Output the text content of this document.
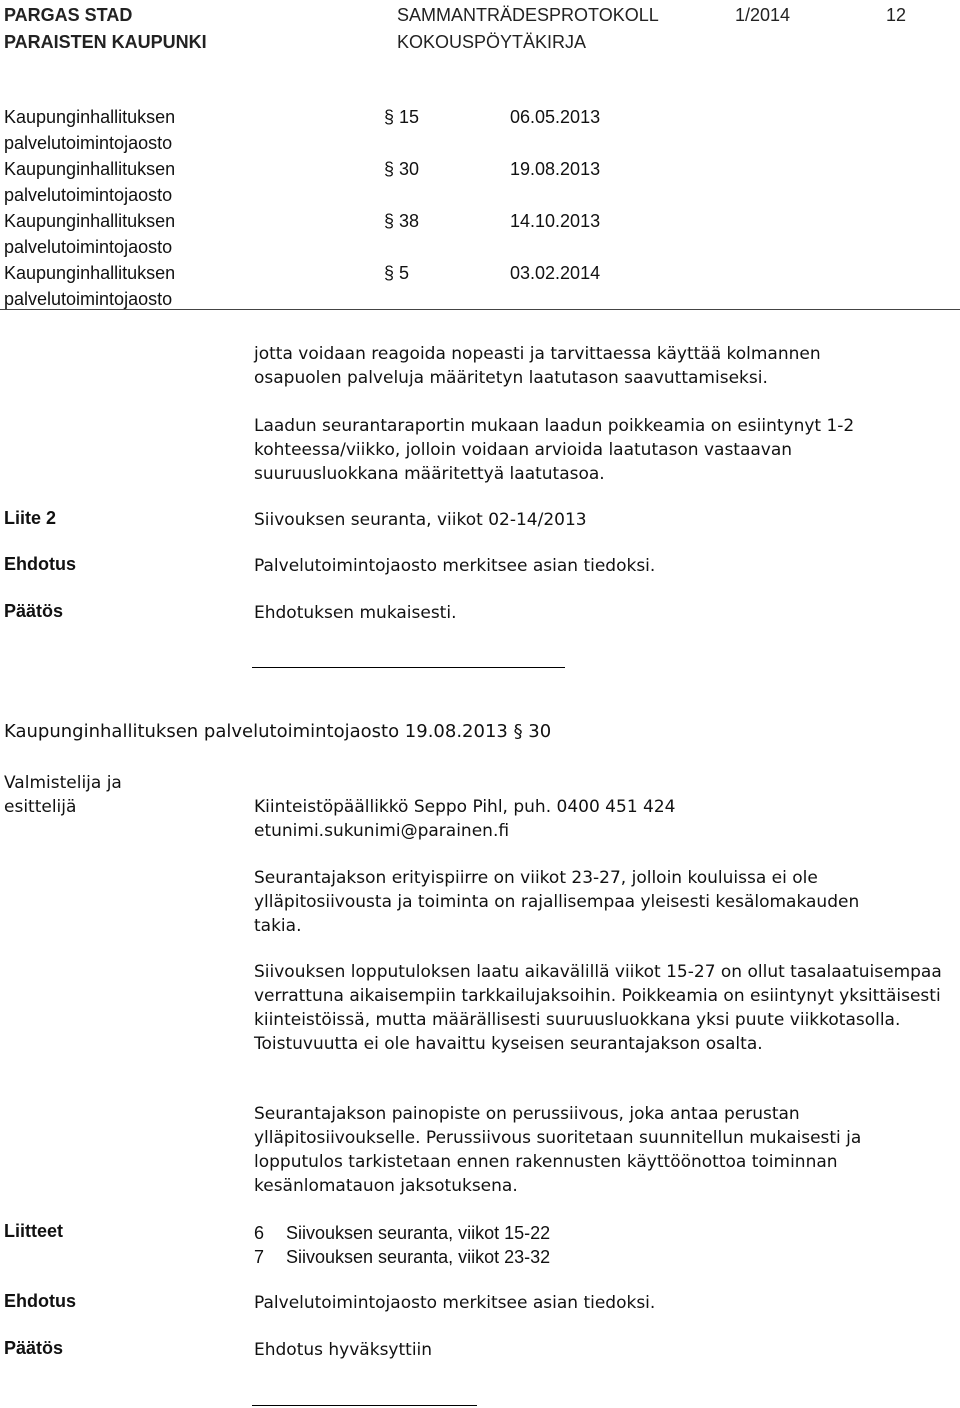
PARGAS STAD
PARAISTEN KAUPUNKI
SAMMANTRÄDESPROTOKOLL
KOKOUSPÖYTÄKIRJA
1/2014	12
Kaupunginhallituksen
palvelutoimintojaosto
§ 15	06.05.2013
Kaupunginhallituksen
palvelutoimintojaosto
§ 30	19.08.2013
Kaupunginhallituksen
palvelutoimintojaosto
§ 38	14.10.2013
Kaupunginhallituksen
palvelutoimintojaosto
§ 5	03.02.2014

jotta voidaan reagoida nopeasti ja tarvittaessa käyttää kolmannen osapuolen palveluja määritetyn laatutason saavuttamiseksi.

Laadun seurantaraportin mukaan laadun poikkeamia on esiintynyt 1-2 kohteessa/viikko, jolloin voidaan arvioida laatutason vastaavan suuruusluokkana määritettyä laatutasoa.

Liite 2	Siivouksen seuranta, viikot 02-14/2013
Ehdotus	Palvelutoimintojaosto merkitsee asian tiedoksi.
Päätös	Ehdotuksen mukaisesti.
Kaupunginhallituksen palvelutoimintojaosto 19.08.2013 § 30
Valmistelija ja
esittelijä	Kiinteistöpäällikkö Seppo Pihl, puh. 0400 451 424
etunimi.sukunimi@parainen.fi

Seurantajakson erityispiirre on viikot 23-27, jolloin kouluissa ei ole ylläpitosiivousta ja toiminta on rajallisempaa yleisesti kesälomakauden takia.

Siivouksen lopputuloksen laatu aikavälillä viikot 15-27 on ollut tasalaatuisempaa verrattuna aikaisempiin tarkkailujaksoihin. Poikkeamia on esiintynyt yksittäisesti kiinteistöissä, mutta määrällisesti suuruusluokkana yksi puute viikkotasolla. Toistuvuutta ei ole havaittu kyseisen seurantajakson osalta.

Seurantajakson painopiste on perussiivous, joka antaa perustan ylläpitosiivoukselle. Perussiivous suoritetaan suunnitellun mukaisesti ja lopputulos tarkistetaan ennen rakennusten käyttöönottoa toiminnan kesänlomatauon jaksotuksena.

Liitteet	6 Siivouksen seuranta, viikot 15-22
7 Siivouksen seuranta, viikot 23-32
Ehdotus	Palvelutoimintojaosto merkitsee asian tiedoksi.
Päätös	Ehdotus hyväksyttiin
